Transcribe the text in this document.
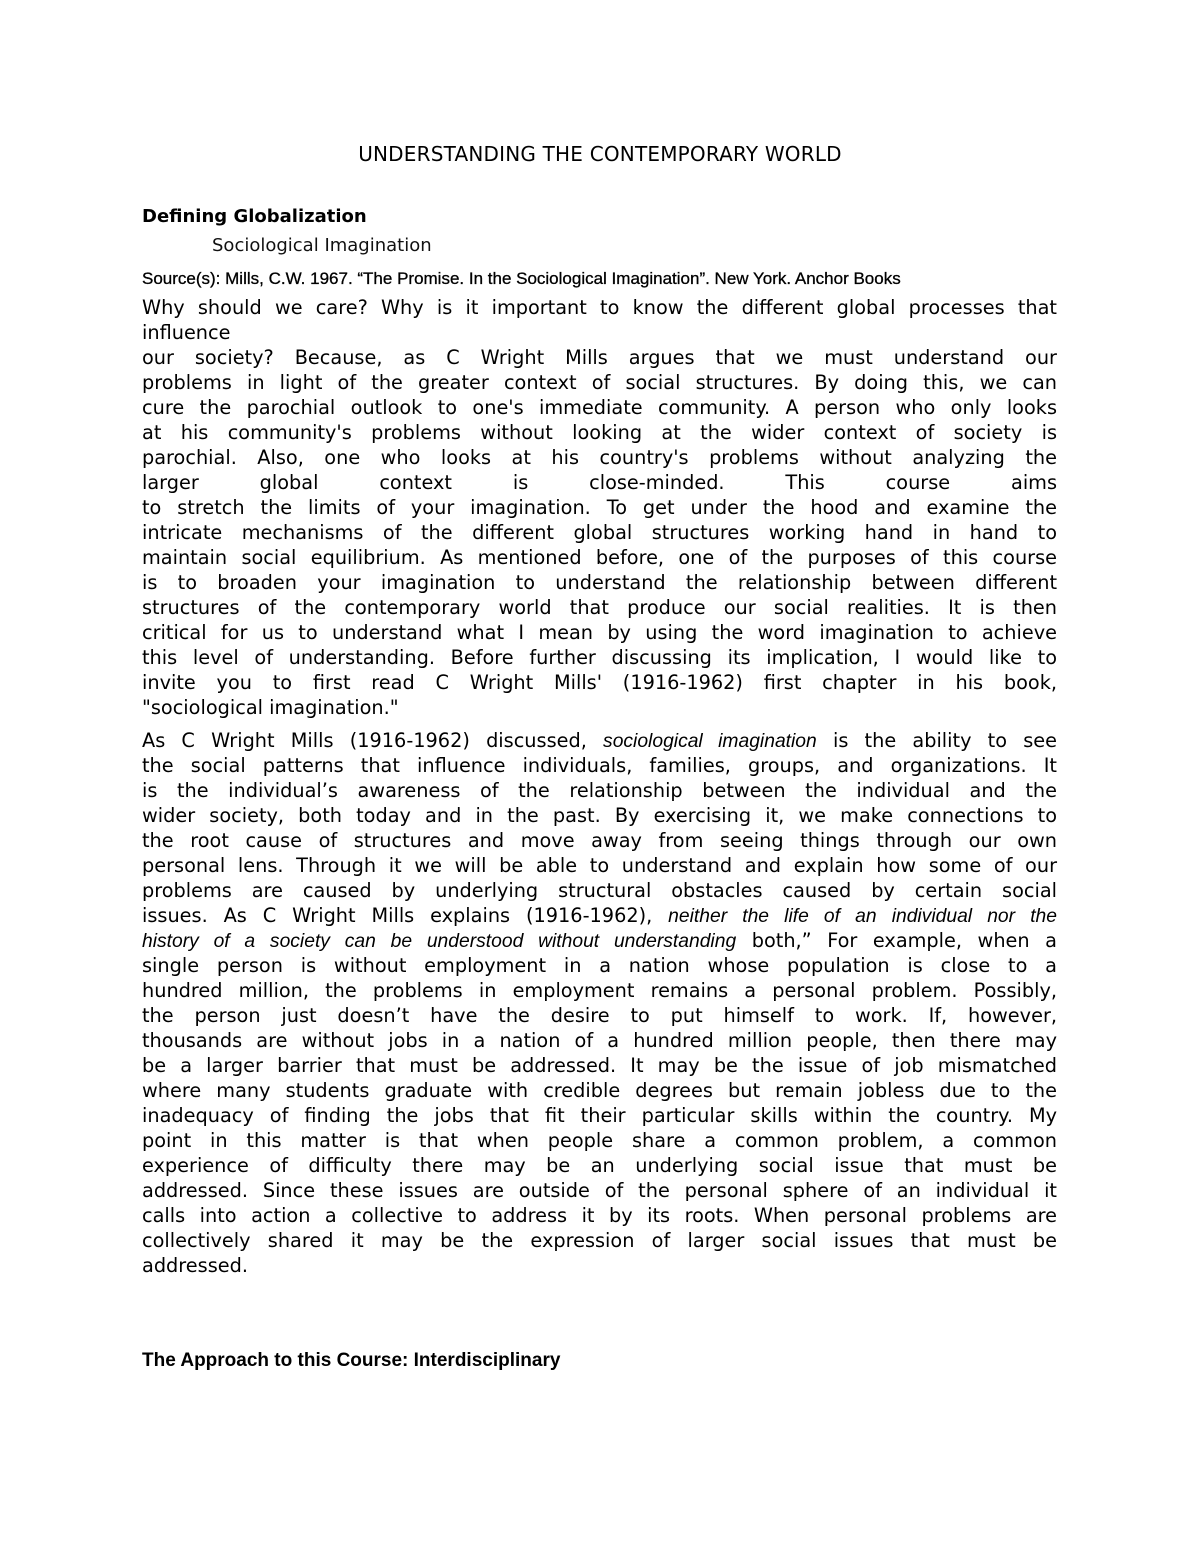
UNDERSTANDING THE CONTEMPORARY WORLD
Defining Globalization
Sociological Imagination
Source(s): Mills, C.W. 1967. “The Promise. In the Sociological Imagination”. New York. Anchor Books
Why should we care? Why is it important to know the different global processes that
influence
our society? Because, as C Wright Mills argues that we must understand our
problems in light of the greater context of social structures. By doing this, we can
cure the parochial outlook to one's immediate community. A person who only looks
at his community's problems without looking at the wider context of society is
parochial. Also, one who looks at his country's problems without analyzing the
larger global context is close-minded. This course aims
to stretch the limits of your imagination. To get under the hood and examine the
intricate mechanisms of the different global structures working hand in hand to
maintain social equilibrium. As mentioned before, one of the purposes of this course
is to broaden your imagination to understand the relationship between different
structures of the contemporary world that produce our social realities. It is then
critical for us to understand what I mean by using the word imagination to achieve
this level of understanding. Before further discussing its implication, I would like to
invite you to first read C Wright Mills' (1916-1962) first chapter in his book,
"sociological imagination."
As C Wright Mills (1916-1962) discussed, sociological imagination is the ability to see
the social patterns that influence individuals, families, groups, and organizations. It
is the individual’s awareness of the relationship between the individual and the
wider society, both today and in the past. By exercising it, we make connections to
the root cause of structures and move away from seeing things through our own
personal lens. Through it we will be able to understand and explain how some of our
problems are caused by underlying structural obstacles caused by certain social
issues. As C Wright Mills explains (1916-1962), neither the life of an individual nor the
history of a society can be understood without understanding both,” For example, when a
single person is without employment in a nation whose population is close to a
hundred million, the problems in employment remains a personal problem. Possibly,
the person just doesn’t have the desire to put himself to work. If, however,
thousands are without jobs in a nation of a hundred million people, then there may
be a larger barrier that must be addressed. It may be the issue of job mismatched
where many students graduate with credible degrees but remain jobless due to the
inadequacy of finding the jobs that fit their particular skills within the country. My
point in this matter is that when people share a common problem, a common
experience of difficulty there may be an underlying social issue that must be
addressed. Since these issues are outside of the personal sphere of an individual it
calls into action a collective to address it by its roots. When personal problems are
collectively shared it may be the expression of larger social issues that must be
addressed.
The Approach to this Course: Interdisciplinary
